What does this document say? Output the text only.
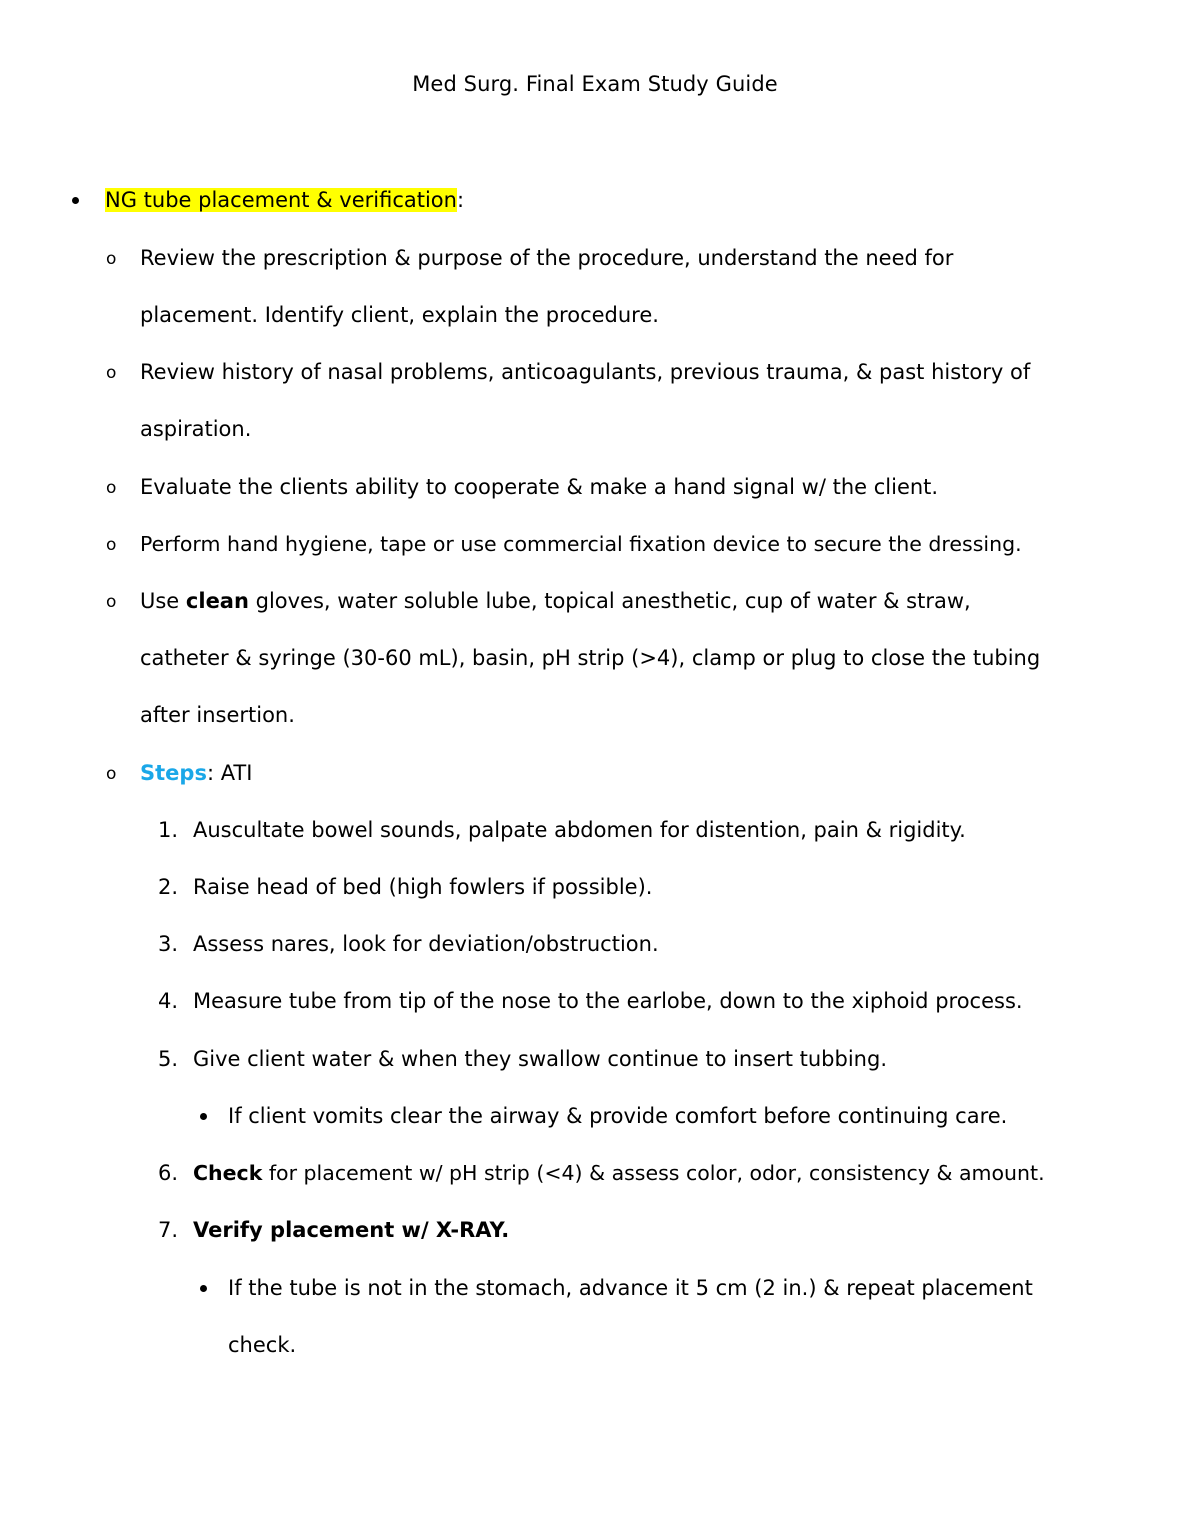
Med Surg. Final Exam Study Guide
NG tube placement & verification:
o Review the prescription & purpose of the procedure, understand the need for
placement. Identify client, explain the procedure.
o Review history of nasal problems, anticoagulants, previous trauma, & past history of
aspiration.
o Evaluate the clients ability to cooperate & make a hand signal w/ the client.
o Perform hand hygiene, tape or use commercial fixation device to secure the dressing.
o Use clean gloves, water soluble lube, topical anesthetic, cup of water & straw,
catheter & syringe (30-60 mL), basin, pH strip (>4), clamp or plug to close the tubing
after insertion.
o Steps: ATI
1. Auscultate bowel sounds, palpate abdomen for distention, pain & rigidity.
2. Raise head of bed (high fowlers if possible).
3. Assess nares, look for deviation/obstruction.
4. Measure tube from tip of the nose to the earlobe, down to the xiphoid process.
5. Give client water & when they swallow continue to insert tubbing.
If client vomits clear the airway & provide comfort before continuing care.
6. Check for placement w/ pH strip (<4) & assess color, odor, consistency & amount.
7. Verify placement w/ X-RAY.
If the tube is not in the stomach, advance it 5 cm (2 in.) & repeat placement
check.
